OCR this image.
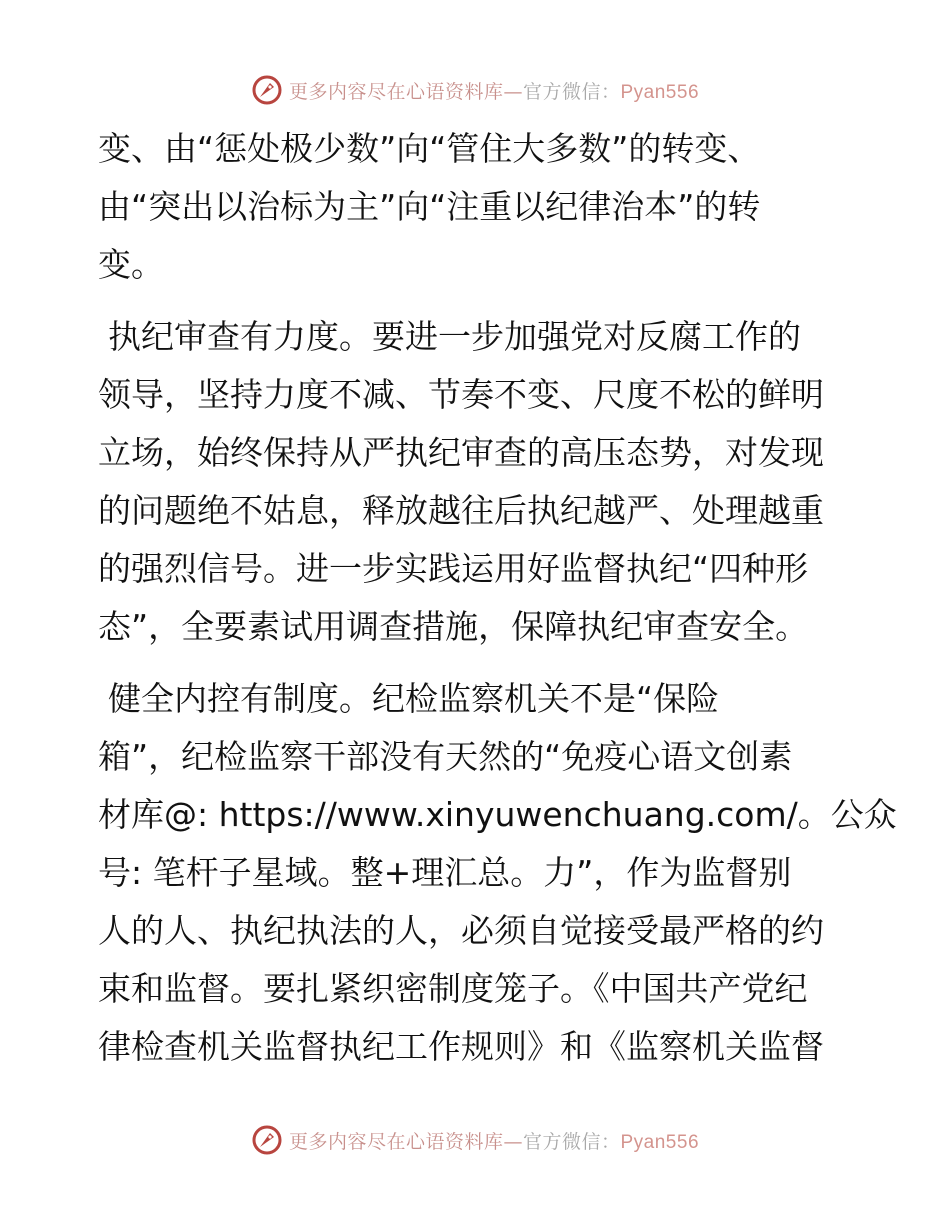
更多内容尽在心语资料库—官方微信：Pyan556

变、由“惩处极少数”向“管住大多数”的转变、
由“突出以治标为主”向“注重以纪律治本”的转
变。

执纪审查有力度。要进一步加强党对反腐工作的
领导，坚持力度不减、节奏不变、尺度不松的鲜明
立场，始终保持从严执纪审查的高压态势，对发现
的问题绝不姑息，释放越往后执纪越严、处理越重
的强烈信号。进一步实践运用好监督执纪“四种形
态”，全要素试用调查措施，保障执纪审查安全。

健全内控有制度。纪检监察机关不是“保险
箱”，纪检监察干部没有天然的“免疫心语文创素
材库@: https://www.xinyuwenchuang.com/。公众
号: 笔杆子星域。整+理汇总。力”，作为监督别
人的人、执纪执法的人，必须自觉接受最严格的约
束和监督。要扎紧织密制度笼子。《中国共产党纪
律检查机关监督执纪工作规则》和《监察机关监督

更多内容尽在心语资料库—官方微信：Pyan556
